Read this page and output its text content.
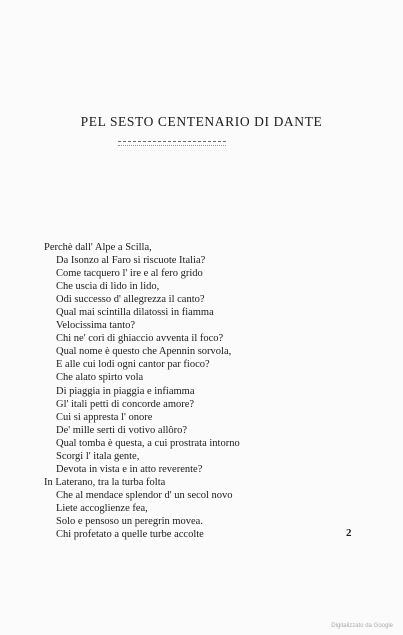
PEL SESTO CENTENARIO DI DANTE
Perchè dall' Alpe a Scilla,
Da Isonzo al Faro si riscuote Italia?
Come tacquero l' ire e al fero grido
Che uscia di lido in lido,
Odi successo d' allegrezza il canto?
Qual mai scintilla dilatossi in fiamma
Velocissima tanto?
Chi ne' cori di ghiaccio avventa il foco?
Qual nome è questo che Apennin sorvola,
E alle cui lodi ogni cantor par fioco?
Che alato spirto vola
Di piaggia in piaggia e infiamma
Gl' itali petti di concorde amore?
Cui si appresta l' onore
De' mille serti di votivo allôro?
Qual tomba è questa, a cui prostrata intorno
Scorgi l' itala gente,
Devota in vista e in atto reverente?
In Laterano, tra la turba folta
Che al mendace splendor d' un secol novo
Liete accoglienze fea,
Solo e pensoso un peregrin movea.
Chi profetato a quelle turbe accolte	2
Digitalizzato da Google
